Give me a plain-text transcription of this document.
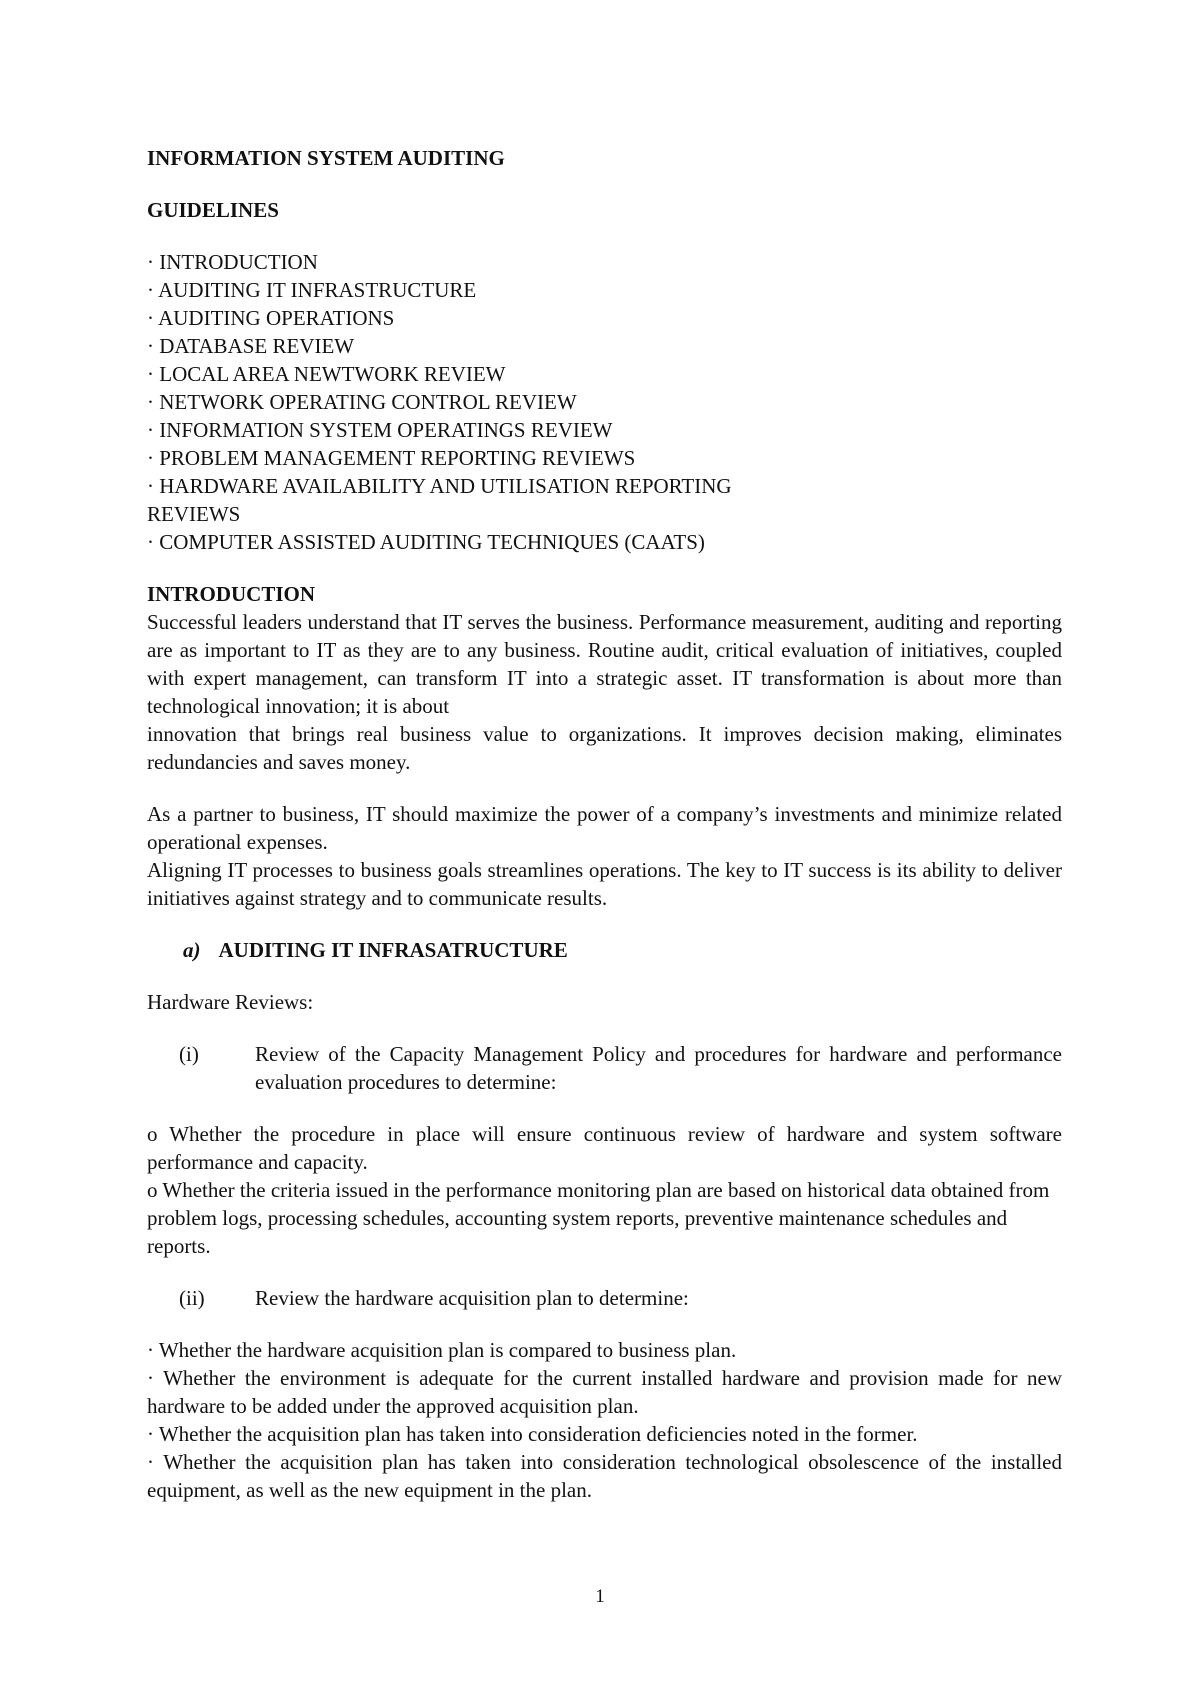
INFORMATION SYSTEM AUDITING

GUIDELINES

· INTRODUCTION

· AUDITING IT INFRASTRUCTURE

· AUDITING OPERATIONS

· DATABASE REVIEW

· LOCAL AREA NEWTWORK REVIEW

· NETWORK OPERATING CONTROL REVIEW

· INFORMATION SYSTEM OPERATINGS REVIEW

· PROBLEM MANAGEMENT REPORTING REVIEWS

· HARDWARE AVAILABILITY AND UTILISATION REPORTING

REVIEWS

· COMPUTER ASSISTED AUDITING TECHNIQUES (CAATS)

INTRODUCTION

Successful leaders understand that IT serves the business. Performance measurement, auditing and reporting are as important to IT as they are to any business. Routine audit, critical evaluation of initiatives, coupled with expert management, can transform IT into a strategic asset. IT transformation is about more than technological innovation; it is about

innovation that brings real business value to organizations. It improves decision making, eliminates redundancies and saves money.

As a partner to business, IT should maximize the power of a company’s investments and minimize related operational expenses.

Aligning IT processes to business goals streamlines operations. The key to IT success is its ability to deliver initiatives against strategy and to communicate results.

a) AUDITING IT INFRASATRUCTURE

Hardware Reviews:

(i)	Review of the Capacity Management Policy and procedures for hardware and performance evaluation procedures to determine:

o Whether the procedure in place will ensure continuous review of hardware and system software performance and capacity.

o Whether the criteria issued in the performance monitoring plan are based on historical data obtained from problem logs, processing schedules, accounting system reports, preventive maintenance schedules and reports.

(ii) Review the hardware acquisition plan to determine:

· Whether the hardware acquisition plan is compared to business plan.

· Whether the environment is adequate for the current installed hardware and provision made for new hardware to be added under the approved acquisition plan.

· Whether the acquisition plan has taken into consideration deficiencies noted in the former.

· Whether the acquisition plan has taken into consideration technological obsolescence of the installed equipment, as well as the new equipment in the plan.

1
